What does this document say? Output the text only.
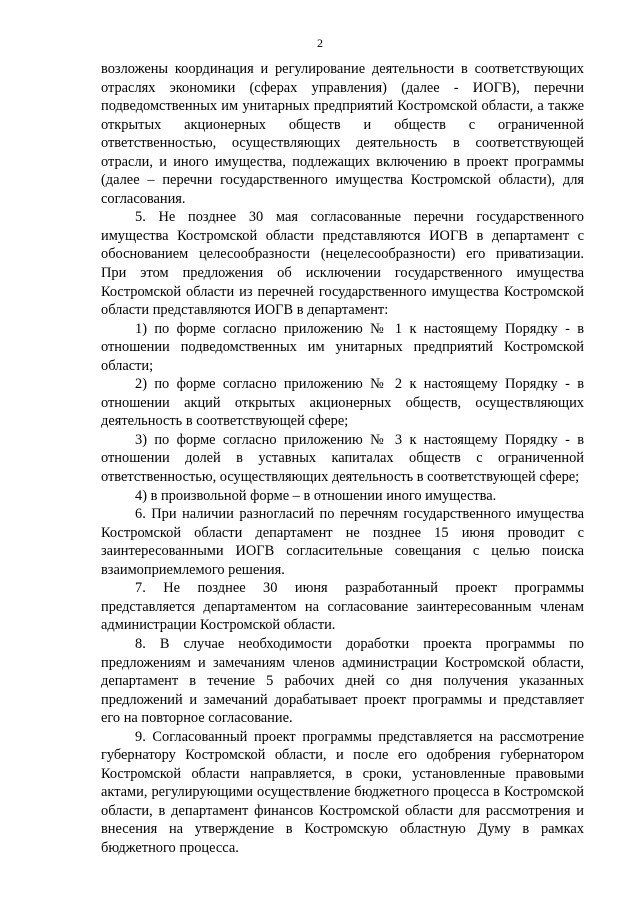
2

возложены координация и регулирование деятельности в соответствующих отраслях экономики (сферах управления) (далее - ИОГВ), перечни подведомственных им унитарных предприятий Костромской области, а также открытых акционерных обществ и обществ с ограниченной ответственностью, осуществляющих деятельность в соответствующей отрасли, и иного имущества, подлежащих включению в проект программы (далее – перечни государственного имущества Костромской области), для согласования.

5. Не позднее 30 мая согласованные перечни государственного имущества Костромской области представляются ИОГВ в департамент с обоснованием целесообразности (нецелесообразности) его приватизации. При этом предложения об исключении государственного имущества Костромской области из перечней государственного имущества Костромской области представляются ИОГВ в департамент:

1) по форме согласно приложению № 1 к настоящему Порядку - в отношении подведомственных им унитарных предприятий Костромской области;

2) по форме согласно приложению № 2 к настоящему Порядку - в отношении акций открытых акционерных обществ, осуществляющих деятельность в соответствующей сфере;

3) по форме согласно приложению № 3 к настоящему Порядку - в отношении долей в уставных капиталах обществ с ограниченной ответственностью, осуществляющих деятельность в соответствующей сфере;

4) в произвольной форме – в отношении иного имущества.

6. При наличии разногласий по перечням государственного имущества Костромской области департамент не позднее 15 июня проводит с заинтересованными ИОГВ согласительные совещания с целью поиска взаимоприемлемого решения.

7. Не позднее 30 июня разработанный проект программы представляется департаментом на согласование заинтересованным членам администрации Костромской области.

8. В случае необходимости доработки проекта программы по предложениям и замечаниям членов администрации Костромской области, департамент в течение 5 рабочих дней со дня получения указанных предложений и замечаний дорабатывает проект программы и представляет его на повторное согласование.

9. Согласованный проект программы представляется на рассмотрение губернатору Костромской области, и после его одобрения губернатором Костромской области направляется, в сроки, установленные правовыми актами, регулирующими осуществление бюджетного процесса в Костромской области, в департамент финансов Костромской области для рассмотрения и внесения на утверждение в Костромскую областную Думу в рамках бюджетного процесса.
